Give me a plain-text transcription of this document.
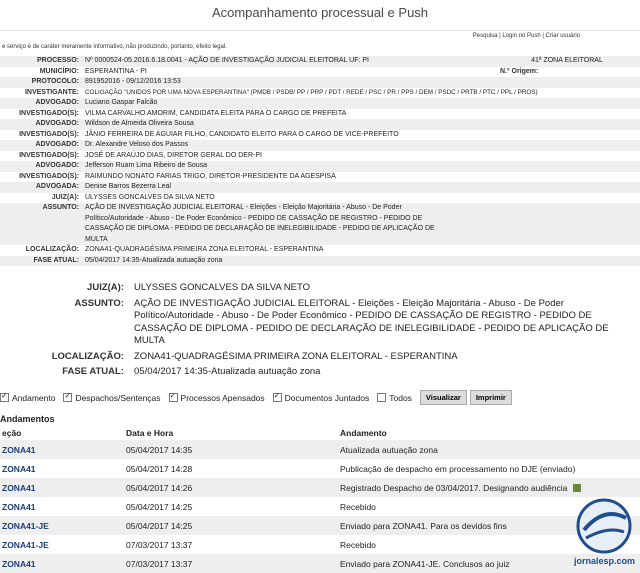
Acompanhamento processual e Push
Pesquisa | Login no Push | Criar usuário
e serviço é de caráter meramente informativo, não produzindo, portanto, efeito legal.
PROCESSO:	Nº 0000524-05.2016.6.18.0041 - AÇÃO DE INVESTIGAÇÃO JUDICIAL ELEITORAL UF: PI	41ª ZONA ELEITORAL
MUNICÍPIO:	ESPERANTINA - PI	N.º Origem:
PROTOCOLO:	891952016 - 09/12/2016 13:53	
INVESTIGANTE:	COLIGAÇÃO "UNIDOS POR UMA NOVA ESPERANTINA" (PMDB / PSDB/ PP / PRP / PDT / REDE / PSC / PR / PPS / DEM / PSDC / PRTB / PTC / PPL / PROS)	
ADVOGADO:	Luciano Gaspar Falcão	
INVESTIGADO(S):	VILMA CARVALHO AMORIM, CANDIDATA ELEITA PARA O CARGO DE PREFEITA	
ADVOGADO:	Wildson de Almeida Oliveira Sousa	
INVESTIGADO(S):	JÂNIO FERREIRA DE AGUIAR FILHO, CANDIDATO ELEITO PARA O CARGO DE VICE-PREFEITO	
ADVOGADO:	Dr. Alexandre Veloso dos Passos	
INVESTIGADO(S):	JOSÉ DE ARAÚJO DIAS, DIRETOR GERAL DO DER-PI	
ADVOGADO:	Jefferson Ruam Lima Ribeiro de Sousa	
INVESTIGADO(S):	RAIMUNDO NONATO FARIAS TRIGO, DIRETOR-PRESIDENTE DA AGESPISA	
ADVOGADA:	Denise Barros Bezerra Leal	
JUIZ(A):	ULYSSES GONCALVES DA SILVA NETO	
ASSUNTO:	AÇÃO DE INVESTIGAÇÃO JUDICIAL ELEITORAL - Eleições - Eleição Majoritária - Abuso - De Poder Político/Autoridade - Abuso - De Poder Econômico - PEDIDO DE CASSAÇÃO DE REGISTRO - PEDIDO DE CASSAÇÃO DE DIPLOMA - PEDIDO DE DECLARAÇÃO DE INELEGIBILIDADE - PEDIDO DE APLICAÇÃO DE MULTA	
LOCALIZAÇÃO:	ZONA41-QUADRAGÉSIMA PRIMEIRA ZONA ELEITORAL - ESPERANTINA	
FASE ATUAL:	05/04/2017 14:35-Atualizada autuação zona	
JUIZ(A):	ULYSSES GONCALVES DA SILVA NETO
ASSUNTO:	AÇÃO DE INVESTIGAÇÃO JUDICIAL ELEITORAL - Eleições - Eleição Majoritária - Abuso - De Poder Político/Autoridade - Abuso - De Poder Econômico - PEDIDO DE CASSAÇÃO DE REGISTRO - PEDIDO DE CASSAÇÃO DE DIPLOMA - PEDIDO DE DECLARAÇÃO DE INELEGIBILIDADE - PEDIDO DE APLICAÇÃO DE MULTA
LOCALIZAÇÃO:	ZONA41-QUADRAGÉSIMA PRIMEIRA ZONA ELEITORAL - ESPERANTINA
FASE ATUAL:	05/04/2017 14:35-Atualizada autuação zona
✓
Andamento ✓ Despachos/Sentenças ✓ Processos Apensados ✓ Documentos Juntados Todos	Visualizar	Imprimir
Andamentos
eção	Data e Hora	Andamento
ZONA41	05/04/2017 14:35	Atualizada autuação zona
ZONA41	05/04/2017 14:28	Publicação de despacho em processamento no DJE (enviado)
ZONA41	05/04/2017 14:26	Registrado Despacho de 03/04/2017. Designando audiência
ZONA41	05/04/2017 14:25	Recebido
ZONA41-JE	05/04/2017 14:25	Enviado para ZONA41. Para os devidos fins
ZONA41-JE	07/03/2017 13:37	Recebido
ZONA41	07/03/2017 13:37	Enviado para ZONA41-JE. Conclusos ao juiz	jornalesp.com
